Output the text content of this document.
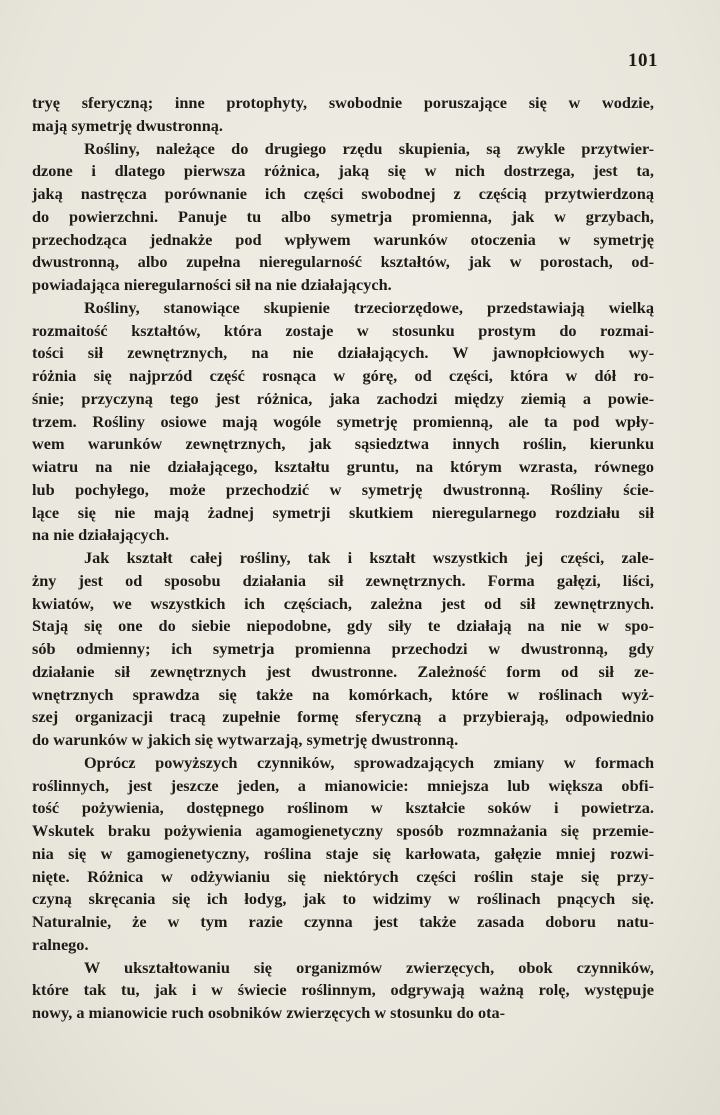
101
tryę sferyczną; inne protophyty, swobodnie poruszające się w wodzie,
mają symetrję dwustronną.
Rośliny, należące do drugiego rzędu skupienia, są zwykle przytwier-
dzone i dlatego pierwsza różnica, jaką się w nich dostrzega, jest ta,
jaką nastręcza porównanie ich części swobodnej z częścią przytwierdzoną
do powierzchni. Panuje tu albo symetrja promienna, jak w grzybach,
przechodząca jednakże pod wpływem warunków otoczenia w symetrję
dwustronną, albo zupełna nieregularność kształtów, jak w porostach, od-
powiadająca nieregularności sił na nie działających.
Rośliny, stanowiące skupienie trzeciorzędowe, przedstawiają wielką
rozmaitość kształtów, która zostaje w stosunku prostym do rozmai-
tości sił zewnętrznych, na nie działających. W jawnopłciowych wy-
różnia się najprzód część rosnąca w górę, od części, która w dół ro-
śnie; przyczyną tego jest różnica, jaka zachodzi między ziemią a powie-
trzem. Rośliny osiowe mają wogóle symetrję promienną, ale ta pod wpły-
wem warunków zewnętrznych, jak sąsiedztwa innych roślin, kierunku
wiatru na nie działającego, kształtu gruntu, na którym wzrasta, równego
lub pochyłego, może przechodzić w symetrję dwustronną. Rośliny ście-
lące się nie mają żadnej symetrji skutkiem nieregularnego rozdziału sił
na nie działających.
Jak kształt całej rośliny, tak i kształt wszystkich jej części, zale-
żny jest od sposobu działania sił zewnętrznych. Forma gałęzi, liści,
kwiatów, we wszystkich ich częściach, zależna jest od sił zewnętrznych.
Stają się one do siebie niepodobne, gdy siły te działają na nie w spo-
sób odmienny; ich symetrja promienna przechodzi w dwustronną, gdy
działanie sił zewnętrznych jest dwustronne. Zależność form od sił ze-
wnętrznych sprawdza się także na komórkach, które w roślinach wyż-
szej organizacji tracą zupełnie formę sferyczną a przybierają, odpowiednio
do warunków w jakich się wytwarzają, symetrję dwustronną.
Oprócz powyższych czynników, sprowadzających zmiany w formach
roślinnych, jest jeszcze jeden, a mianowicie: mniejsza lub większa obfi-
tość pożywienia, dostępnego roślinom w kształcie soków i powietrza.
Wskutek braku pożywienia agamogienetyczny sposób rozmnażania się przemie-
nia się w gamogienetyczny, roślina staje się karłowata, gałęzie mniej rozwi-
nięte. Różnica w odżywianiu się niektórych części roślin staje się przy-
czyną skręcania się ich łodyg, jak to widzimy w roślinach pnących się.
Naturalnie, że w tym razie czynna jest także zasada doboru natu-
ralnego.
W ukształtowaniu się organizmów zwierzęcych, obok czynników,
które tak tu, jak i w świecie roślinnym, odgrywają ważną rolę, występuje
nowy, a mianowicie ruch osobników zwierzęcych w stosunku do ota-
